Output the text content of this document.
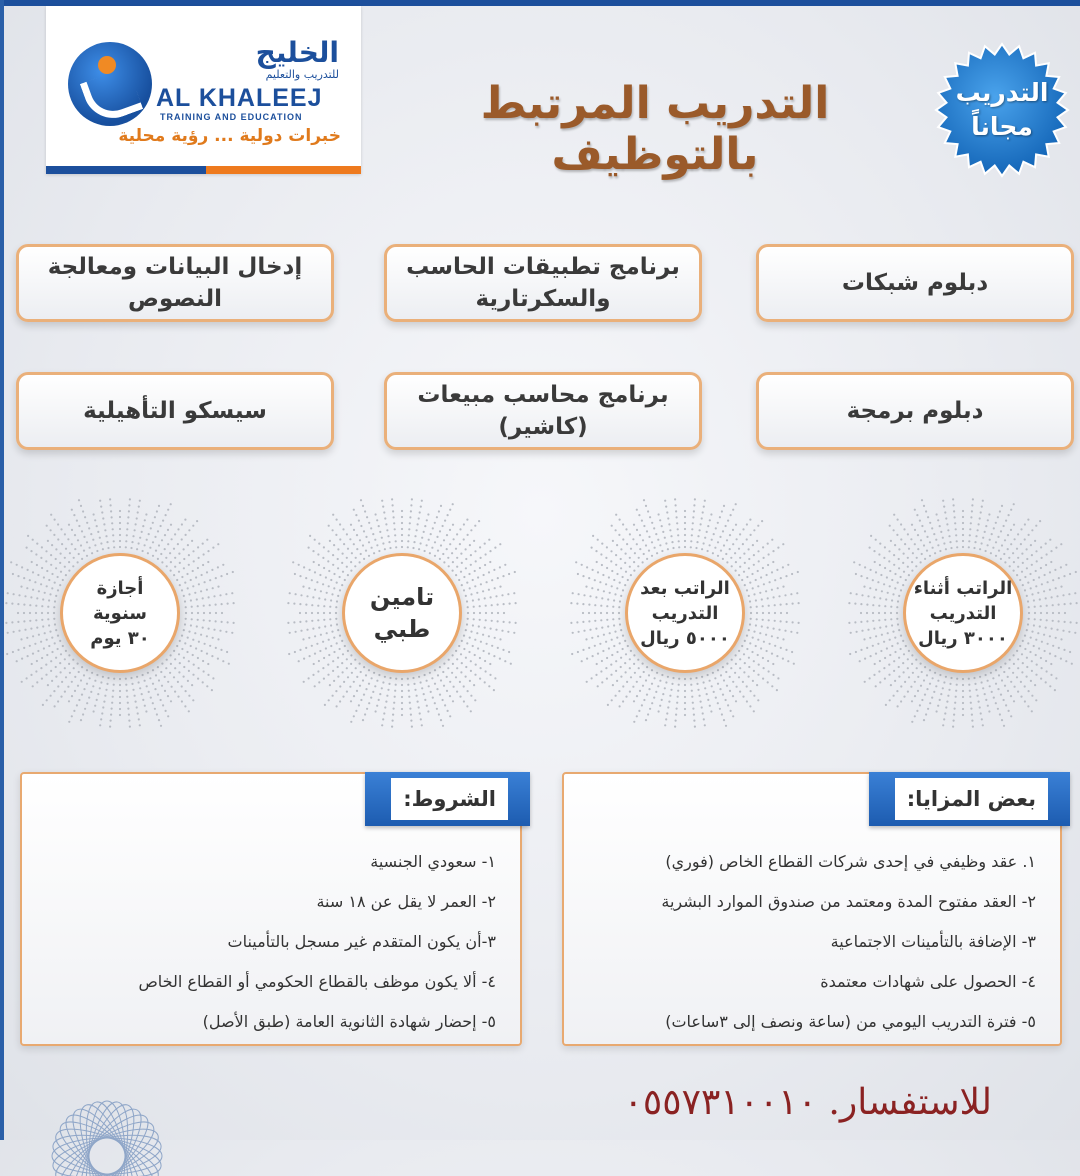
الخليج
للتدريب والتعليم
AL KHALEEJ
TRAINING AND EDUCATION
خبرات دولية ... رؤية محلية
التدريب المرتبط بالتوظيف
التدريب
مجاناً
دبلوم شبكات
برنامج تطبيقات الحاسب والسكرتارية
إدخال البيانات ومعالجة النصوص
دبلوم برمجة
برنامج محاسب مبيعات (كاشير)
سيسكو التأهيلية
الراتب أثناء
التدريب
٣٠٠٠ ريال
الراتب بعد
التدريب
٥٠٠٠ ريال
تامين
طبي
أجازة
سنوية
٣٠ يوم
بعض المزايا:
١. عقد وظيفي في إحدى شركات القطاع الخاص (فوري)
٢- العقد مفتوح المدة ومعتمد من صندوق الموارد البشرية
٣- الإضافة بالتأمينات الاجتماعية
٤- الحصول على شهادات معتمدة
٥- فترة التدريب اليومي من (ساعة ونصف إلى ٣ساعات)
الشروط:
١- سعودي الجنسية
٢- العمر لا يقل عن ١٨ سنة
٣-أن يكون المتقدم غير مسجل بالتأمينات
٤- ألا يكون موظف بالقطاع الحكومي أو القطاع الخاص
٥- إحضار شهادة الثانوية العامة (طبق الأصل)
للاستفسار. ٠٥٥٧٣١٠٠١٠
